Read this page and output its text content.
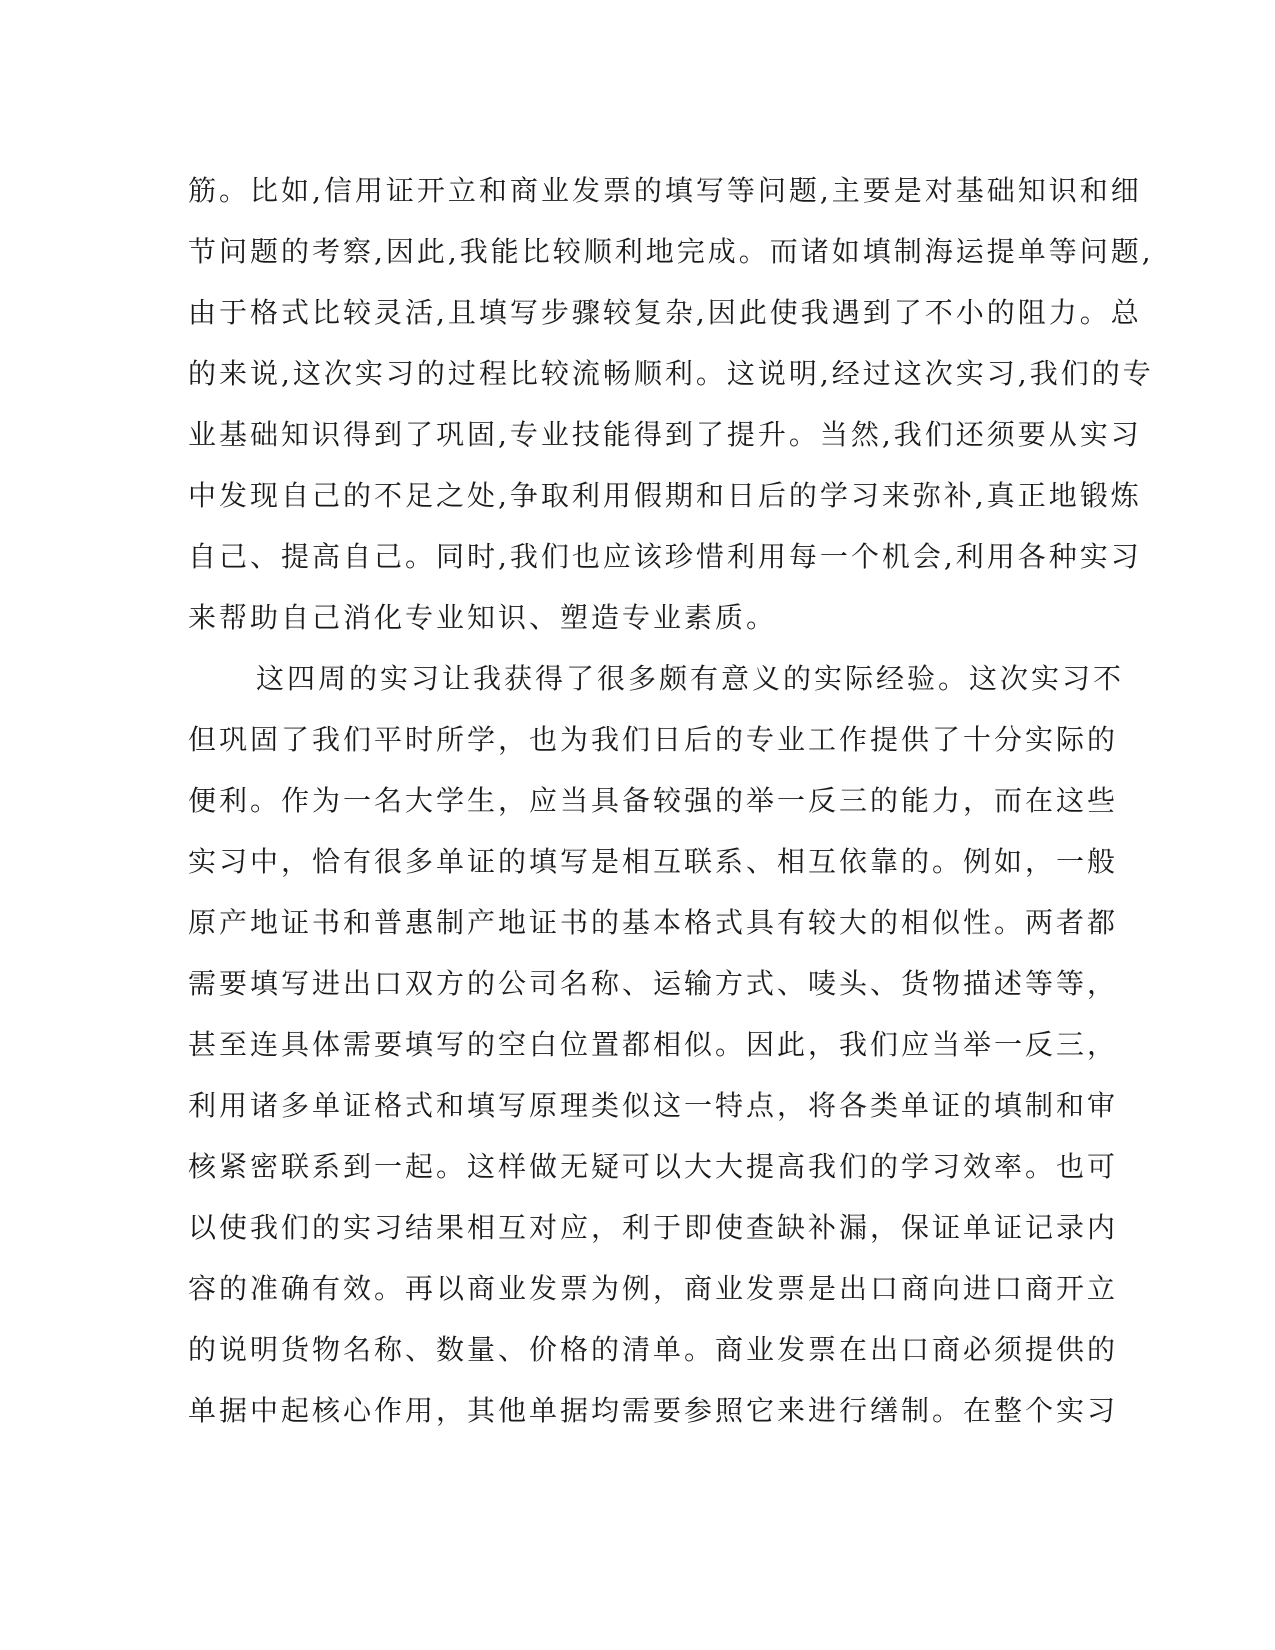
筋。比如,信用证开立和商业发票的填写等问题,主要是对基础知识和细
节问题的考察,因此,我能比较顺利地完成。而诸如填制海运提单等问题,
由于格式比较灵活,且填写步骤较复杂,因此使我遇到了不小的阻力。总
的来说,这次实习的过程比较流畅顺利。这说明,经过这次实习,我们的专
业基础知识得到了巩固,专业技能得到了提升。当然,我们还须要从实习
中发现自己的不足之处,争取利用假期和日后的学习来弥补,真正地锻炼
自己、提高自己。同时,我们也应该珍惜利用每一个机会,利用各种实习
来帮助自己消化专业知识、塑造专业素质。
这四周的实习让我获得了很多颇有意义的实际经验。这次实习不
但巩固了我们平时所学，也为我们日后的专业工作提供了十分实际的
便利。作为一名大学生，应当具备较强的举一反三的能力，而在这些
实习中，恰有很多单证的填写是相互联系、相互依靠的。例如，一般
原产地证书和普惠制产地证书的基本格式具有较大的相似性。两者都
需要填写进出口双方的公司名称、运输方式、唛头、货物描述等等，
甚至连具体需要填写的空白位置都相似。因此，我们应当举一反三，
利用诸多单证格式和填写原理类似这一特点，将各类单证的填制和审
核紧密联系到一起。这样做无疑可以大大提高我们的学习效率。也可
以使我们的实习结果相互对应，利于即使查缺补漏，保证单证记录内
容的准确有效。再以商业发票为例，商业发票是出口商向进口商开立
的说明货物名称、数量、价格的清单。商业发票在出口商必须提供的
单据中起核心作用，其他单据均需要参照它来进行缮制。在整个实习
